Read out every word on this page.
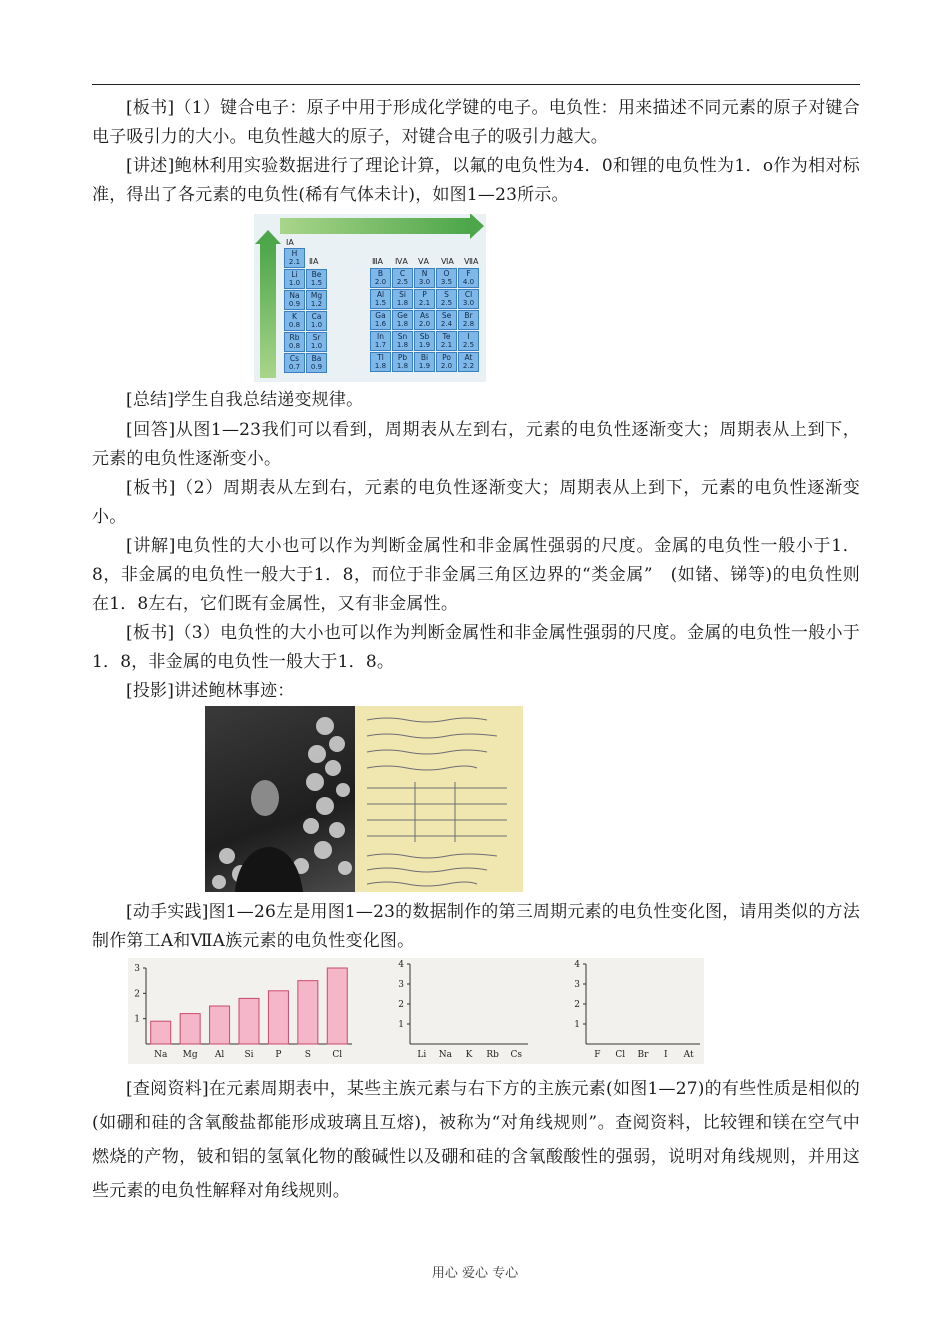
[板书]（1）键合电子：原子中用于形成化学键的电子。电负性：用来描述不同元素的原子对键合电子吸引力的大小。电负性越大的原子，对键合电子的吸引力越大。

[讲述]鲍林利用实验数据进行了理论计算，以氟的电负性为4．0和锂的电负性为1．o作为相对标准，得出了各元素的电负性(稀有气体未计)，如图1—23所示。

ⅠA
ⅡA	ⅢA ⅣA ⅤA ⅥA ⅦA
H
2.1
Li
1.0
Be
1.5
Na
0.9
Mg
1.2
K
0.8
Ca
1.0
Rb
0.8
Sr
1.0
Cs
0.7
Ba
0.9
B
2.0
C
2.5
N
3.0
O
3.5
F
4.0
Al
1.5
Si
1.8
P
2.1
S
2.5
Cl
3.0
Ga
1.6
Ge
1.8
As
2.0
Se
2.4
Br
2.8
In
1.7
Sn
1.8
Sb
1.9
Te
2.1
I
2.5
Tl
1.8
Pb
1.8
Bi
1.9
Po
2.0
At
2.2

[总结]学生自我总结递变规律。

[回答]从图1—23我们可以看到，周期表从左到右，元素的电负性逐渐变大；周期表从上到下，元素的电负性逐渐变小。

[板书]（2）周期表从左到右，元素的电负性逐渐变大；周期表从上到下，元素的电负性逐渐变小。

[讲解]电负性的大小也可以作为判断金属性和非金属性强弱的尺度。金属的电负性一般小于1．8，非金属的电负性一般大于1．8，而位于非金属三角区边界的“类金属”　(如锗、锑等)的电负性则在1．8左右，它们既有金属性，又有非金属性。

[板书]（3）电负性的大小也可以作为判断金属性和非金属性强弱的尺度。金属的电负性一般小于1．8，非金属的电负性一般大于1．8。

[投影]讲述鲍林事迹：

[动手实践]图1—26左是用图1—23的数据制作的第三周期元素的电负性变化图，请用类似的方法制作第工A和ⅦA族元素的电负性变化图。

1
2
3
Na Mg Al Si P	S Cl
1
2
3
4
Li Na K Rb Cs
1
2
3
4
F Cl Br I At

[查阅资料]在元素周期表中，某些主族元素与右下方的主族元素(如图1—27)的有些性质是相似的(如硼和硅的含氧酸盐都能形成玻璃且互熔)，被称为“对角线规则”。查阅资料，比较锂和镁在空气中燃烧的产物，铍和铝的氢氧化物的酸碱性以及硼和硅的含氧酸酸性的强弱，说明对角线规则，并用这些元素的电负性解释对角线规则。

用心 爱心 专心
